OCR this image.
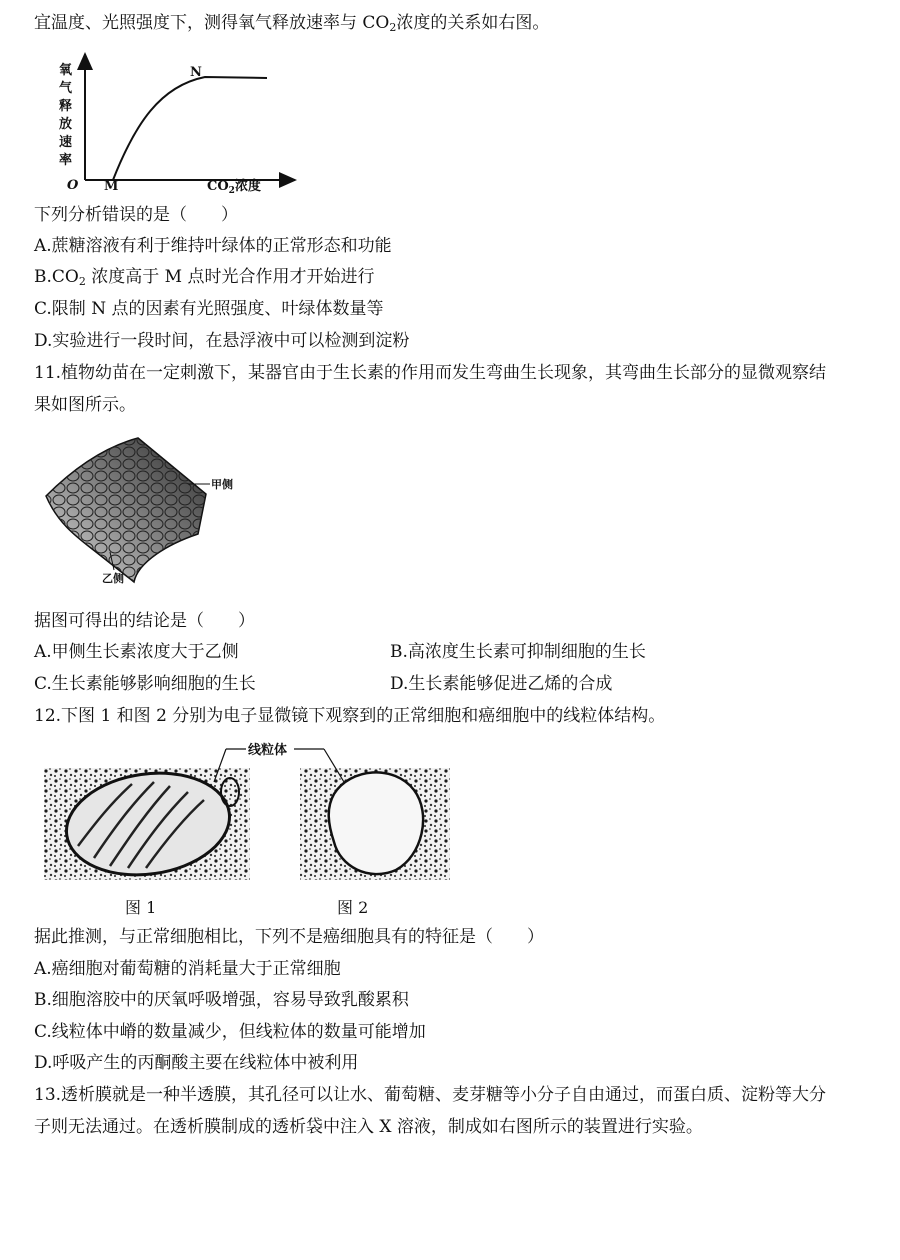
宜温度、光照强度下，测得氧气释放速率与 $CO_2$浓度的关系如右图。
氧
气
释
放
速
率
O M
N
$CO_2$浓度
下列分析错误的是（　　）
A.蔗糖溶液有利于维持叶绿体的正常形态和功能
$B.CO_2$ 浓度高于 M 点时光合作用才开始进行
C.限制 N 点的因素有光照强度、叶绿体数量等
D.实验进行一段时间，在悬浮液中可以检测到淀粉
11.植物幼苗在一定刺激下，某器官由于生长素的作用而发生弯曲生长现象，其弯曲生长部分的显微观察结
果如图所示。
甲侧
乙侧
据图可得出的结论是（　　）
A.甲侧生长素浓度大于乙侧	B.高浓度生长素可抑制细胞的生长
C.生长素能够影响细胞的生长	D.生长素能够促进乙烯的合成
12.下图 1 和图 2 分别为电子显微镜下观察到的正常细胞和癌细胞中的线粒体结构。
线粒体
图 1	图 2
据此推测，与正常细胞相比，下列不是癌细胞具有的特征是（　　）
A.癌细胞对葡萄糖的消耗量大于正常细胞
B.细胞溶胶中的厌氧呼吸增强，容易导致乳酸累积
C.线粒体中嵴的数量减少，但线粒体的数量可能增加
D.呼吸产生的丙酮酸主要在线粒体中被利用
13.透析膜就是一种半透膜，其孔径可以让水、葡萄糖、麦芽糖等小分子自由通过，而蛋白质、淀粉等大分
子则无法通过。在透析膜制成的透析袋中注入 X 溶液，制成如右图所示的装置进行实验。
